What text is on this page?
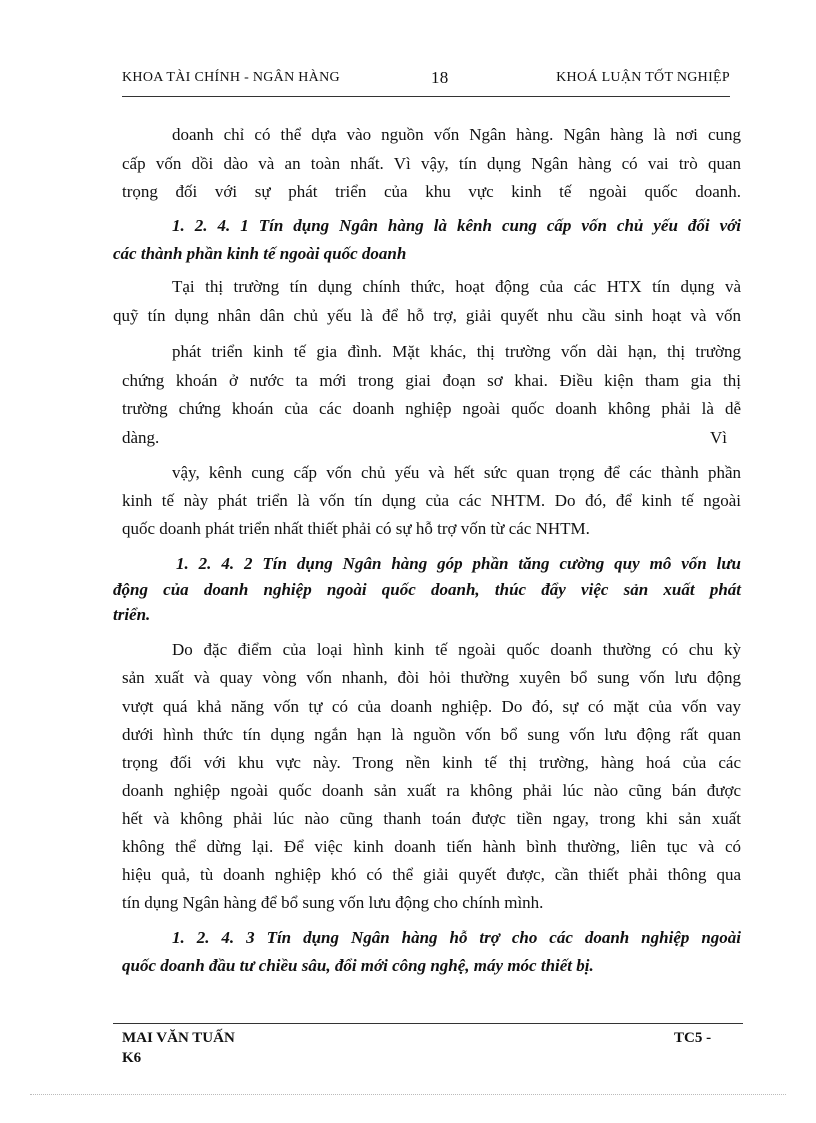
KHOA TÀI CHÍNH - NGÂN HÀNG	18	KHOÁ LUẬN TỐT NGHIỆP
doanh chỉ có thể dựa vào nguồn vốn Ngân hàng. Ngân hàng là nơi cung
cấp vốn dồi dào và an toàn nhất. Vì vậy, tín dụng Ngân hàng có vai trò quan
trọng đối với sự phát triển của khu vực kinh tế ngoài quốc doanh.
1. 2. 4. 1 Tín dụng Ngân hàng là kênh cung cấp vốn chủ yếu đối với
các thành phần kinh tế ngoài quốc doanh
Tại thị trường tín dụng chính thức, hoạt động của các HTX tín dụng và
quỹ tín dụng nhân dân chủ yếu là để hỗ trợ, giải quyết nhu cầu sinh hoạt và vốn
phát triển kinh tế gia đình. Mặt khác, thị trường vốn dài hạn, thị trường
chứng khoán ở nước ta mới trong giai đoạn sơ khai. Điều kiện tham gia thị
trường chứng khoán của các doanh nghiệp ngoài quốc doanh không phải là dễ
dàng.	Vì
vậy, kênh cung cấp vốn chủ yếu và hết sức quan trọng để các thành phần
kinh tế này phát triển là vốn tín dụng của các NHTM. Do đó, để kinh tế ngoài
quốc doanh phát triển nhất thiết phải có sự hỗ trợ vốn từ các NHTM.
1. 2. 4. 2 Tín dụng Ngân hàng góp phần tăng cường quy mô vốn lưu
động của doanh nghiệp ngoài quốc doanh, thúc đẩy việc sản xuất phát
triển.
Do đặc điểm của loại hình kinh tế ngoài quốc doanh thường có chu kỳ
sản xuất và quay vòng vốn nhanh, đòi hỏi thường xuyên bổ sung vốn lưu động
vượt quá khả năng vốn tự có của doanh nghiệp. Do đó, sự có mặt của vốn vay
dưới hình thức tín dụng ngắn hạn là nguồn vốn bổ sung vốn lưu động rất quan
trọng đối với khu vực này. Trong nền kinh tế thị trường, hàng hoá của các
doanh nghiệp ngoài quốc doanh sản xuất ra không phải lúc nào cũng bán được
hết và không phải lúc nào cũng thanh toán được tiền ngay, trong khi sản xuất
không thể dừng lại. Để việc kinh doanh tiến hành bình thường, liên tục và có
hiệu quả, tù doanh nghiệp khó có thể giải quyết được, cần thiết phải thông qua
tín dụng Ngân hàng để bổ sung vốn lưu động cho chính mình.
1. 2. 4. 3 Tín dụng Ngân hàng hỗ trợ cho các doanh nghiệp ngoài
quốc doanh đầu tư chiều sâu, đổi mới công nghệ, máy móc thiết bị.
MAI VĂN TUẤN	TC5 -
K6
